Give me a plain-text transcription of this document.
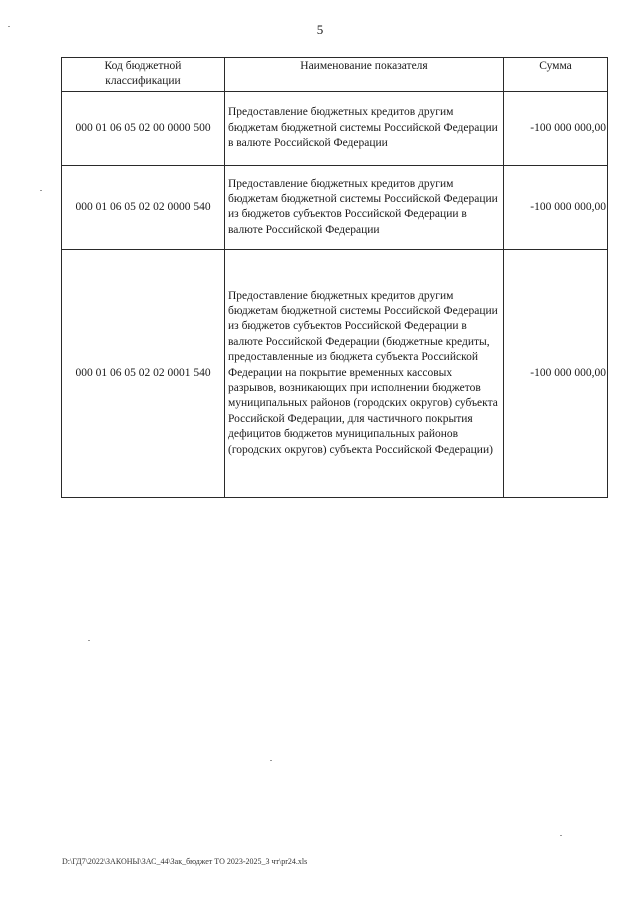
5
Код бюджетной классификации	Наименование показателя	Сумма
000 01 06 05 02 00 0000 500	Предоставление бюджетных кредитов другим бюджетам бюджетной системы Российской Федерации в валюте Российской Федерации	-100 000 000,00
000 01 06 05 02 02 0000 540	Предоставление бюджетных кредитов другим бюджетам бюджетной системы Российской Федерации из бюджетов субъектов Российской Федерации в валюте Российской Федерации	-100 000 000,00
000 01 06 05 02 02 0001 540	Предоставление бюджетных кредитов другим бюджетам бюджетной системы Российской Федерации из бюджетов субъектов Российской Федерации в валюте Российской Федерации (бюджетные кредиты, предоставленные из бюджета субъекта Российской Федерации на покрытие временных кассовых разрывов, возникающих при исполнении бюджетов муниципальных районов (городских округов) субъекта Российской Федерации, для частичного покрытия дефицитов бюджетов муниципальных районов (городских округов) субъекта Российской Федерации)	-100 000 000,00
D:\ГД7\2022\ЗАКОНЫ\ЗАС_44\Зак_бюджет ТО 2023-2025_3 чт\pr24.xls
